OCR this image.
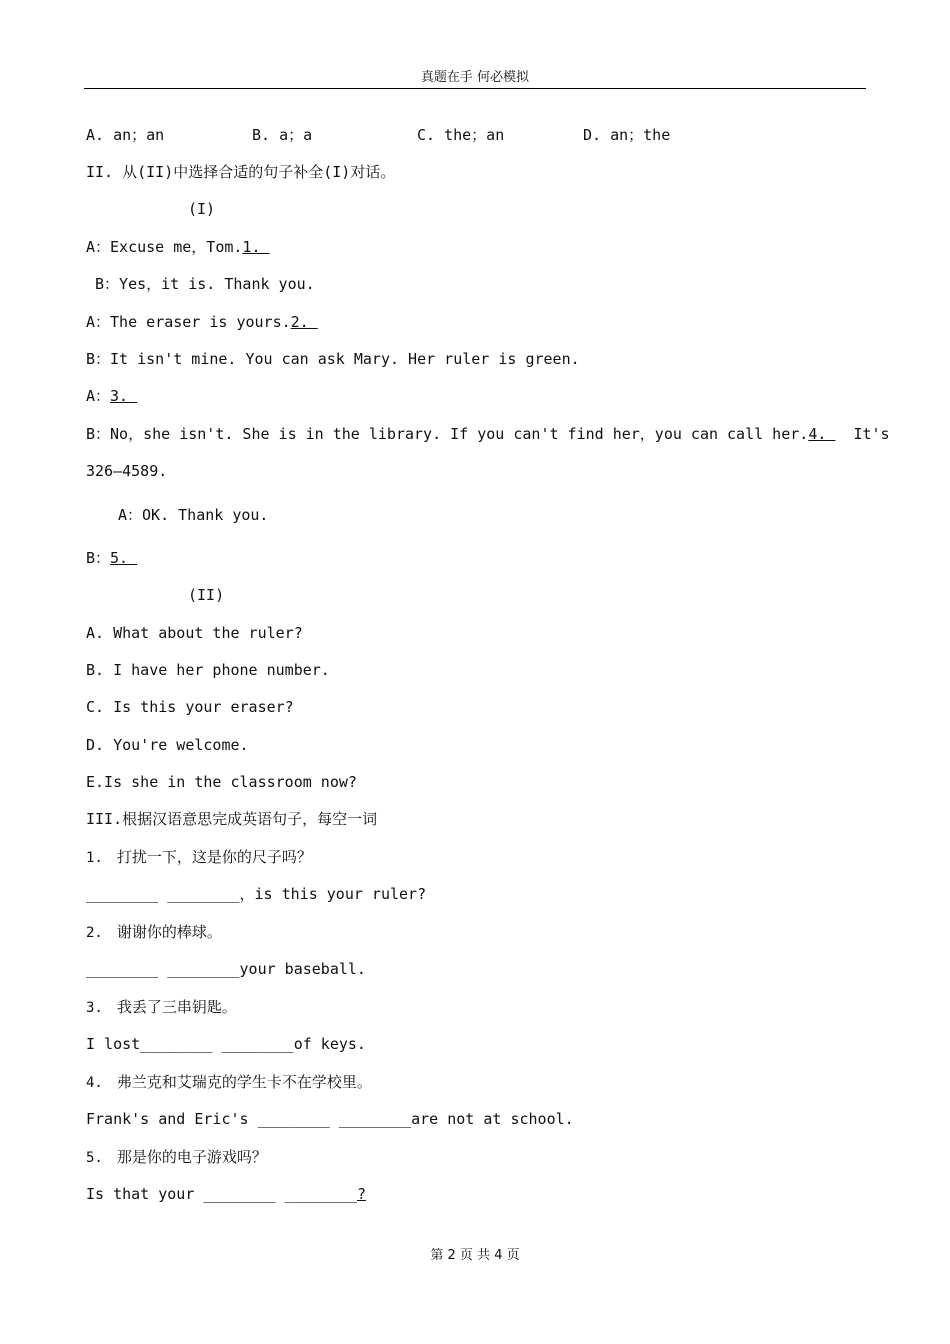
真题在手 何必模拟
A. an；an	B. a；a	C. the；an	D. an；the
II. 从(II)中选择合适的句子补全(I)对话。
(I)
A：Excuse me，Tom.1.
B：Yes，it is. Thank you.
A：The eraser is yours.2.
B：It isn't mine. You can ask Mary. Her ruler is green.
A：3.
B：No，she isn't. She is in the library. If you can't find her，you can call her.4.   It's
326—4589.
A：OK. Thank you.
B：5.
(II)
A. What about the ruler?
B. I have her phone number.
C. Is this your eraser?
D. You're welcome.
E.Is she in the classroom now?
III.根据汉语意思完成英语句子，每空一词
1. 打扰一下，这是你的尺子吗？
________ ________，is this your ruler?
2. 谢谢你的棒球。
________ ________your baseball.
3. 我丢了三串钥匙。
I lost________ ________of keys.
4. 弗兰克和艾瑞克的学生卡不在学校里。
Frank's and Eric's ________ ________are not at school.
5. 那是你的电子游戏吗？
Is that your ________ ________?
第 2 页 共 4 页
